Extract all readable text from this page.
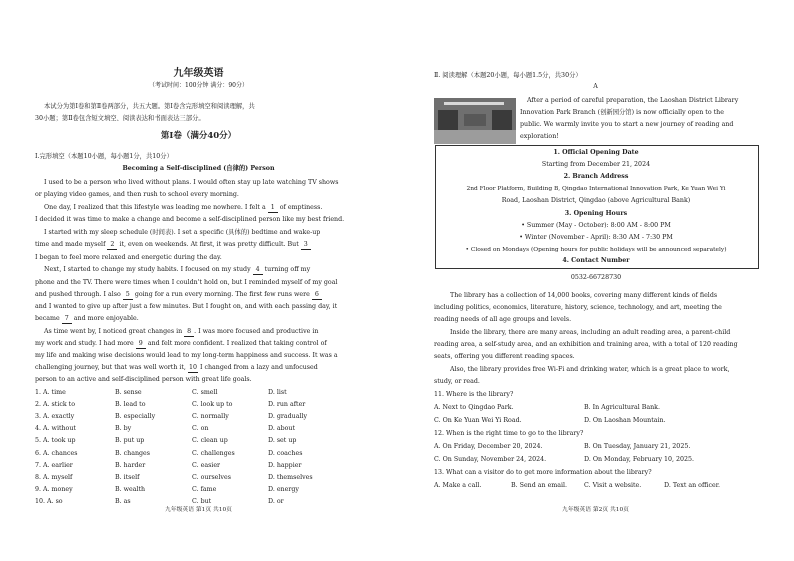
九年级英语
（考试时间：100分钟 满分：90分）
本试分为第Ⅰ卷和第Ⅱ卷两部分，共五大题。第Ⅰ卷含完形填空和阅读理解，共
30小题；第Ⅱ卷包含短文填空、阅读表达和书面表达三部分。
第Ⅰ卷（满分40分）
Ⅰ.完形填空（本题10小题，每小题1分，共10分）
Becoming a Self-disciplined (自律的) Person
I used to be a person who lived without plans. I would often stay up late watching TV shows
or playing video games, and then rush to school every morning.
One day, I realized that this lifestyle was leading me nowhere. I felt a 1 of emptiness.
I decided it was time to make a change and become a self-disciplined person like my best friend.
I started with my sleep schedule (时间表). I set a specific (具体的) bedtime and wake-up
time and made myself 2 it, even on weekends. At first, it was pretty difficult. But 3
I began to feel more relaxed and energetic during the day.
Next, I started to change my study habits. I focused on my study 4 turning off my
phone and the TV. There were times when I couldn't hold on, but I reminded myself of my goal
and pushed through. I also 5 going for a run every morning. The first few runs were 6
and I wanted to give up after just a few minutes. But I fought on, and with each passing day, it
became 7 and more enjoyable.
As time went by, I noticed great changes in 8 . I was more focused and productive in
my work and study. I had more 9 and felt more confident. I realized that taking control of
my life and making wise decisions would lead to my long-term happiness and success. It was a
challenging journey, but that was well worth it, 10 I changed from a lazy and unfocused
person to an active and self-disciplined person with great life goals.
九年级英语 第1页 共10页
1. A. time	B. sense	C. smell	D. list
2. A. stick to	B. lead to	C. look up to	D. run after
3. A. exactly	B. especially	C. normally	D. gradually
4. A. without	B. by	C. on	D. about
5. A. took up	B. put up	C. clean up	D. set up
6. A. chances	B. changes	C. challenges	D. coaches
7. A. earlier	B. harder	C. easier	D. happier
8. A. myself	B. itself	C. ourselves	D. themselves
9. A. money	B. wealth	C. fame	D. energy
10. A. so	B. as	C. but	D. or
Ⅱ. 阅读理解（本题20小题，每小题1.5分，共30分）
A
After a period of careful preparation, the Laoshan District Library
Innovation Park Branch (创新园分馆) is now officially open to the
public. We warmly invite you to start a new journey of reading and
exploration!
1. Official Opening Date
Starting from December 21, 2024
2. Branch Address
2nd Floor Platform, Building B, Qingdao International Innovation Park, Ke Yuan Wei Yi
Road, Laoshan District, Qingdao (above Agricultural Bank)
3. Opening Hours
• Summer (May - October): 8:00 AM - 8:00 PM
• Winter (November - April): 8:30 AM - 7:30 PM
• Closed on Mondays (Opening hours for public holidays will be announced separately)
4. Contact Number
0532-66728730
The library has a collection of 14,000 books, covering many different kinds of fields
including politics, economics, literature, history, science, technology, and art, meeting the
reading needs of all age groups and levels.
Inside the library, there are many areas, including an adult reading area, a parent-child
reading area, a self-study area, and an exhibition and training area, with a total of 120 reading
seats, offering you different reading spaces.
Also, the library provides free Wi-Fi and drinking water, which is a great place to work,
study, or read.
11. Where is the library?
A. Next to Qingdao Park.	B. In Agricultural Bank.
C. On Ke Yuan Wei Yi Road.	D. On Laoshan Mountain.
12. When is the right time to go to the library?
A. On Friday, December 20, 2024.	B. On Tuesday, January 21, 2025.
C. On Sunday, November 24, 2024.	D. On Monday, February 10, 2025.
13. What can a visitor do to get more information about the library?
A. Make a call.	B. Send an email.	C. Visit a website.	D. Text an officer.
九年级英语 第2页 共10页
